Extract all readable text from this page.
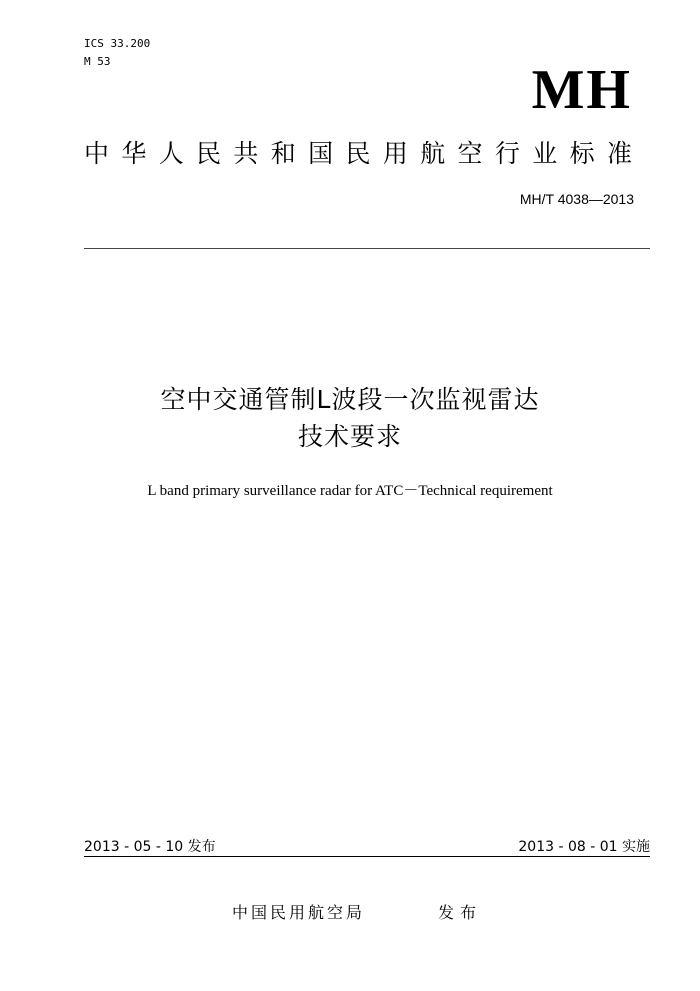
ICS 33.200
M 53	MH
中华人民共和国民用航空行业标准
MH/T 4038—2013
空中交通管制L波段一次监视雷达
技术要求
L band primary surveillance radar for ATC－Technical requirement
2013 - 05 - 10 发布	2013 - 08 - 01 实施
中国民用航空局	发布
